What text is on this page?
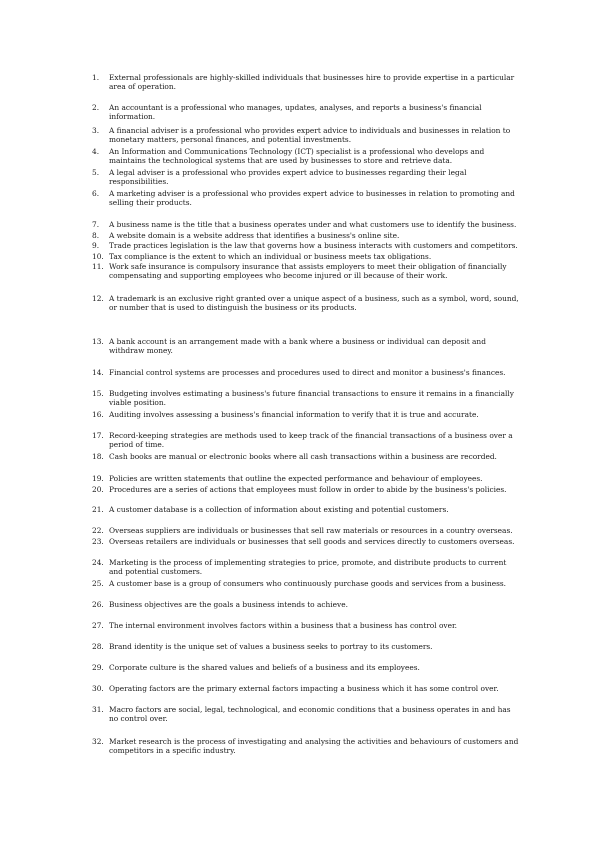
1.	External professionals are highly-skilled individuals that businesses hire to provide expertise in a particular area of operation.
2.	An accountant is a professional who manages, updates, analyses, and reports a business's financial information.
3.	A financial adviser is a professional who provides expert advice to individuals and businesses in relation to monetary matters, personal finances, and potential investments.
4.	An Information and Communications Technology (ICT) specialist is a professional who develops and maintains the technological systems that are used by businesses to store and retrieve data.
5.	A legal adviser is a professional who provides expert advice to businesses regarding their legal responsibilities.
6.	A marketing adviser is a professional who provides expert advice to businesses in relation to promoting and selling their products.
7.	A business name is the title that a business operates under and what customers use to identify the business.
8.	A website domain is a website address that identifies a business's online site.
9.	Trade practices legislation is the law that governs how a business interacts with customers and competitors.
10. Tax compliance is the extent to which an individual or business meets tax obligations.
11. Work safe insurance is compulsory insurance that assists employers to meet their obligation of financially compensating and supporting employees who become injured or ill because of their work.
12. A trademark is an exclusive right granted over a unique aspect of a business, such as a symbol, word, sound, or number that is used to distinguish the business or its products.
13. A bank account is an arrangement made with a bank where a business or individual can deposit and withdraw money.
14. Financial control systems are processes and procedures used to direct and monitor a business's finances.
15. Budgeting involves estimating a business's future financial transactions to ensure it remains in a financially viable position.
16. Auditing involves assessing a business's financial information to verify that it is true and accurate.
17. Record-keeping strategies are methods used to keep track of the financial transactions of a business over a period of time.
18. Cash books are manual or electronic books where all cash transactions within a business are recorded.
19. Policies are written statements that outline the expected performance and behaviour of employees.
20. Procedures are a series of actions that employees must follow in order to abide by the business's policies.
21. A customer database is a collection of information about existing and potential customers.
22. Overseas suppliers are individuals or businesses that sell raw materials or resources in a country overseas.
23. Overseas retailers are individuals or businesses that sell goods and services directly to customers overseas.
24. Marketing is the process of implementing strategies to price, promote, and distribute products to current and potential customers.
25. A customer base is a group of consumers who continuously purchase goods and services from a business.
26. Business objectives are the goals a business intends to achieve.
27. The internal environment involves factors within a business that a business has control over.
28. Brand identity is the unique set of values a business seeks to portray to its customers.
29. Corporate culture is the shared values and beliefs of a business and its employees.
30. Operating factors are the primary external factors impacting a business which it has some control over.
31. Macro factors are social, legal, technological, and economic conditions that a business operates in and has no control over.
32. Market research is the process of investigating and analysing the activities and behaviours of customers and competitors in a specific industry.
